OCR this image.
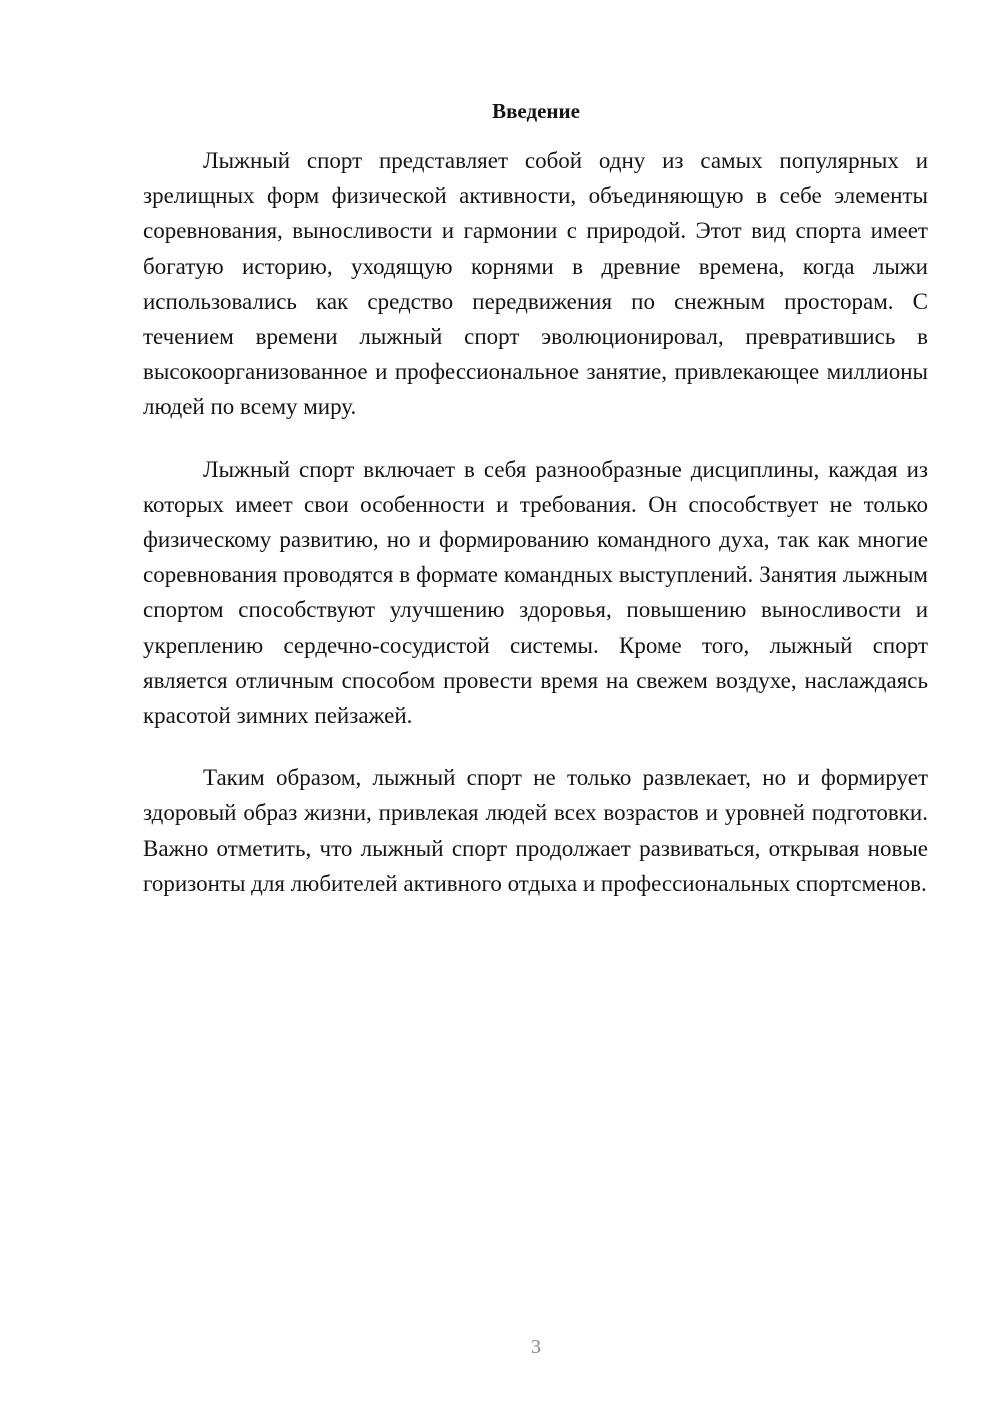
Введение

Лыжный спорт представляет собой одну из самых популярных и зрелищных форм физической активности, объединяющую в себе элементы соревнования, выносливости и гармонии с природой. Этот вид спорта имеет богатую историю, уходящую корнями в древние времена, когда лыжи использовались как средство передвижения по снежным просторам. С течением времени лыжный спорт эволюционировал, превратившись в высокоорганизованное и профессиональное занятие, привлекающее миллионы людей по всему миру.

Лыжный спорт включает в себя разнообразные дисциплины, каждая из которых имеет свои особенности и требования. Он способствует не только физическому развитию, но и формированию командного духа, так как многие соревнования проводятся в формате командных выступлений. Занятия лыжным спортом способствуют улучшению здоровья, повышению выносливости и укреплению сердечно-сосудистой системы. Кроме того, лыжный спорт является отличным способом провести время на свежем воздухе, наслаждаясь красотой зимних пейзажей.

Таким образом, лыжный спорт не только развлекает, но и формирует здоровый образ жизни, привлекая людей всех возрастов и уровней подготовки. Важно отметить, что лыжный спорт продолжает развиваться, открывая новые горизонты для любителей активного отдыха и профессиональных спортсменов.

3
